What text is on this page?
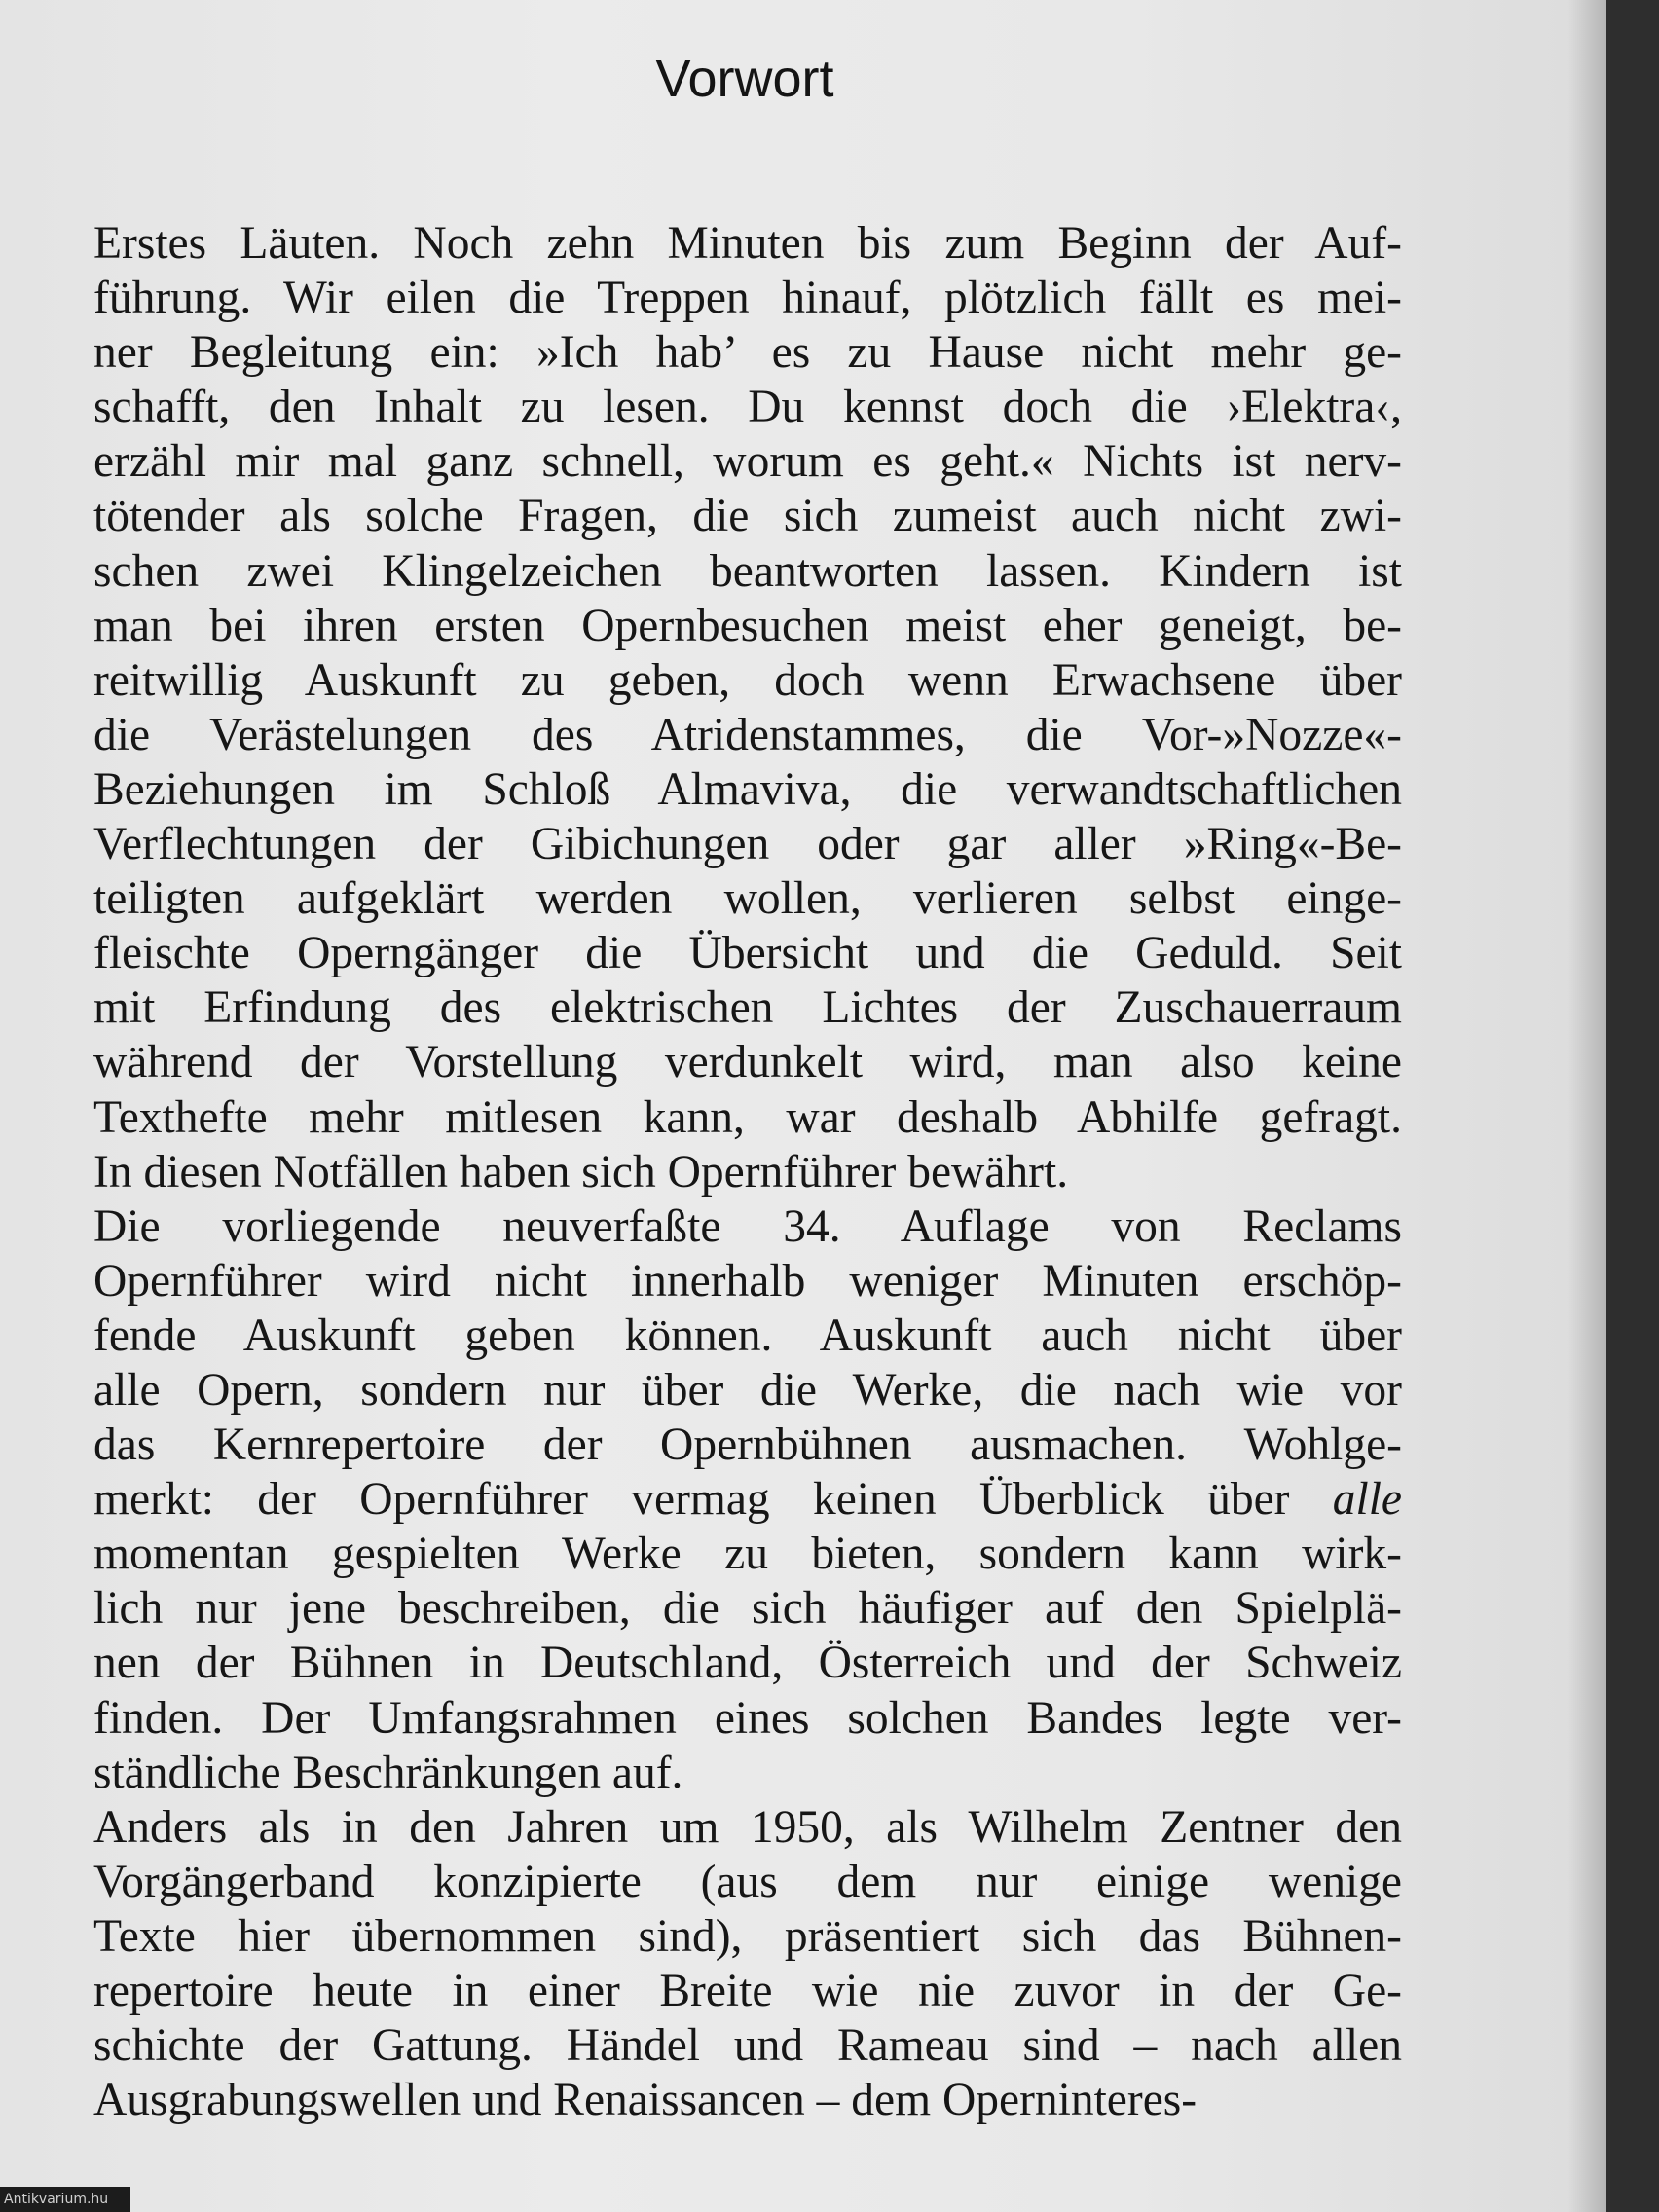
Vorwort

Erstes Läuten. Noch zehn Minuten bis zum Beginn der Auf-
führung. Wir eilen die Treppen hinauf, plötzlich fällt es mei-
ner Begleitung ein: »Ich hab’ es zu Hause nicht mehr ge-
schafft, den Inhalt zu lesen. Du kennst doch die ›Elektra‹,
erzähl mir mal ganz schnell, worum es geht.« Nichts ist nerv-
tötender als solche Fragen, die sich zumeist auch nicht zwi-
schen zwei Klingelzeichen beantworten lassen. Kindern ist
man bei ihren ersten Opernbesuchen meist eher geneigt, be-
reitwillig Auskunft zu geben, doch wenn Erwachsene über
die Verästelungen des Atridenstammes, die Vor-»Nozze«-
Beziehungen im Schloß Almaviva, die verwandtschaftlichen
Verflechtungen der Gibichungen oder gar aller »Ring«-Be-
teiligten aufgeklärt werden wollen, verlieren selbst einge-
fleischte Operngänger die Übersicht und die Geduld. Seit
mit Erfindung des elektrischen Lichtes der Zuschauerraum
während der Vorstellung verdunkelt wird, man also keine
Texthefte mehr mitlesen kann, war deshalb Abhilfe gefragt.
In diesen Notfällen haben sich Opernführer bewährt.

Die vorliegende neuverfaßte 34. Auflage von Reclams
Opernführer wird nicht innerhalb weniger Minuten erschöp-
fende Auskunft geben können. Auskunft auch nicht über
alle Opern, sondern nur über die Werke, die nach wie vor
das Kernrepertoire der Opernbühnen ausmachen. Wohlge-
merkt: der Opernführer vermag keinen Überblick über alle
momentan gespielten Werke zu bieten, sondern kann wirk-
lich nur jene beschreiben, die sich häufiger auf den Spielplä-
nen der Bühnen in Deutschland, Österreich und der Schweiz
finden. Der Umfangsrahmen eines solchen Bandes legte ver-
ständliche Beschränkungen auf.

Anders als in den Jahren um 1950, als Wilhelm Zentner den
Vorgängerband konzipierte (aus dem nur einige wenige
Texte hier übernommen sind), präsentiert sich das Bühnen-
repertoire heute in einer Breite wie nie zuvor in der Ge-
schichte der Gattung. Händel und Rameau sind – nach allen
Ausgrabungswellen und Renaissancen – dem Operninteres-

Antikvarium.hu
